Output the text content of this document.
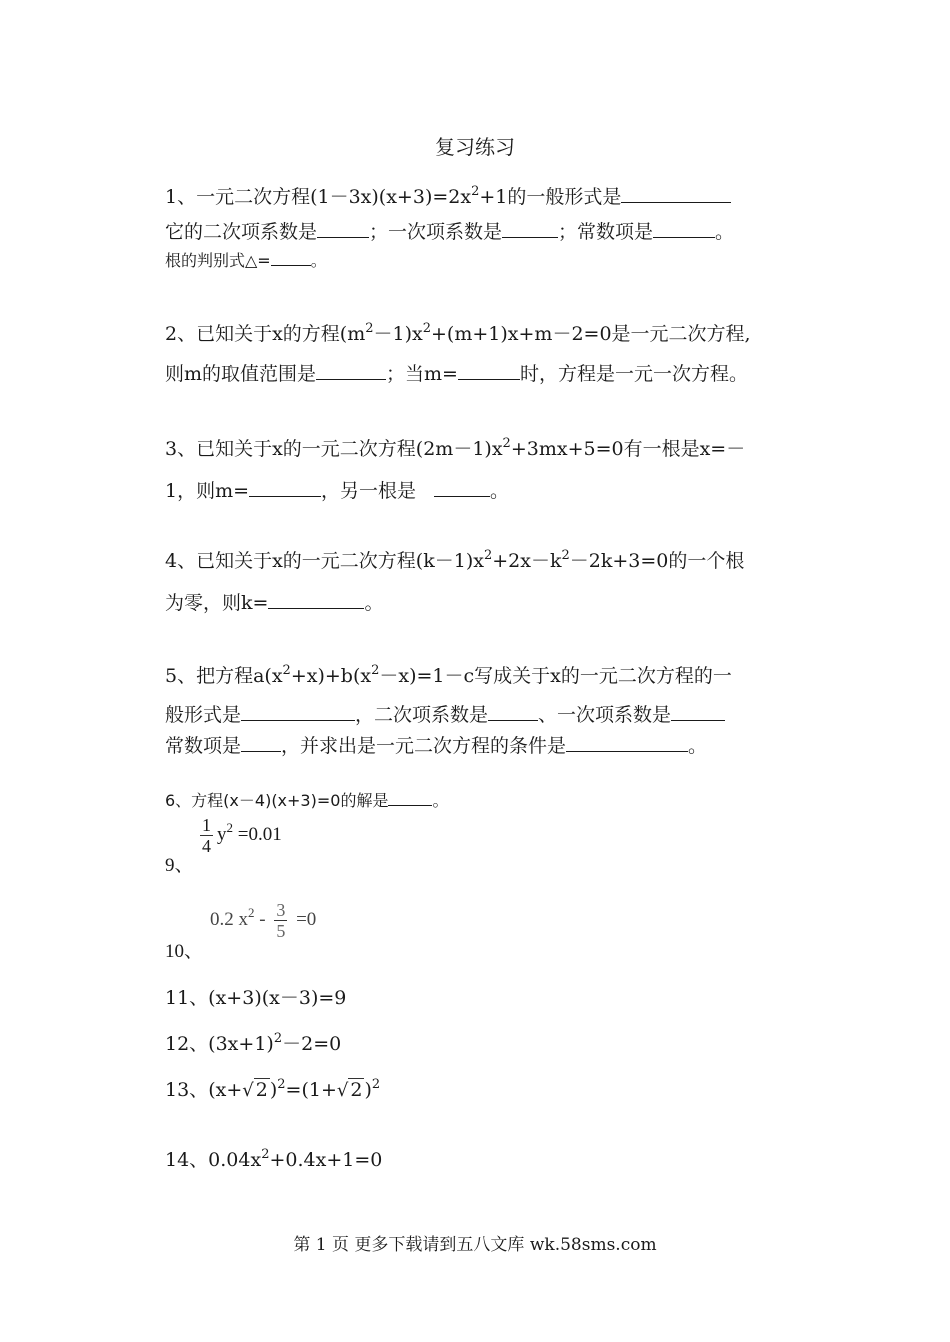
复习练习
1、一元二次方程$(1-3x)(x+3)=2x^2+1$的一般形式是
它的二次项系数是	；一次项系数是	；常数项是	。
根的判别式△=	。
2、已知关于x的方程$(m^2-1)x^2+(m+1)x+m-2=0$是一元二次方程,
则m的取值范围是	；当m=	时，方程是一元一次方程。
3、已知关于x的一元二次方程$(2m-1)x^2+3mx+5=0$有一根是x=－
1，则m=	，另一根是	。
4、已知关于x的一元二次方程$(k-1)x^2+2x-k^2-2k+3=0$的一个根
为零，则k=	。
5、把方程$a(x^2+x)+b(x^2-x)=1-c$写成关于x的一元二次方程的一
般形式是	，二次项系数是	、一次项系数是
常数项是 ，并求出是一元二次方程的条件是	。
6、方程(x－4)(x+3)=0的解是	。
9、
$\frac{1}{4} y^2 =0.01$
10、
0.2 $x^2 - \frac{3}{5} =0$
11、(x+3)(x－3)=9
12、$(3x+1)^2-2=0$
13、(x+√ 2 )$^2$=(1+√ 2 )$^2$
14、$0.04x^2+0.4x+1=0$
第 1 页 更多下载请到五八文库 wk.58sms.com
